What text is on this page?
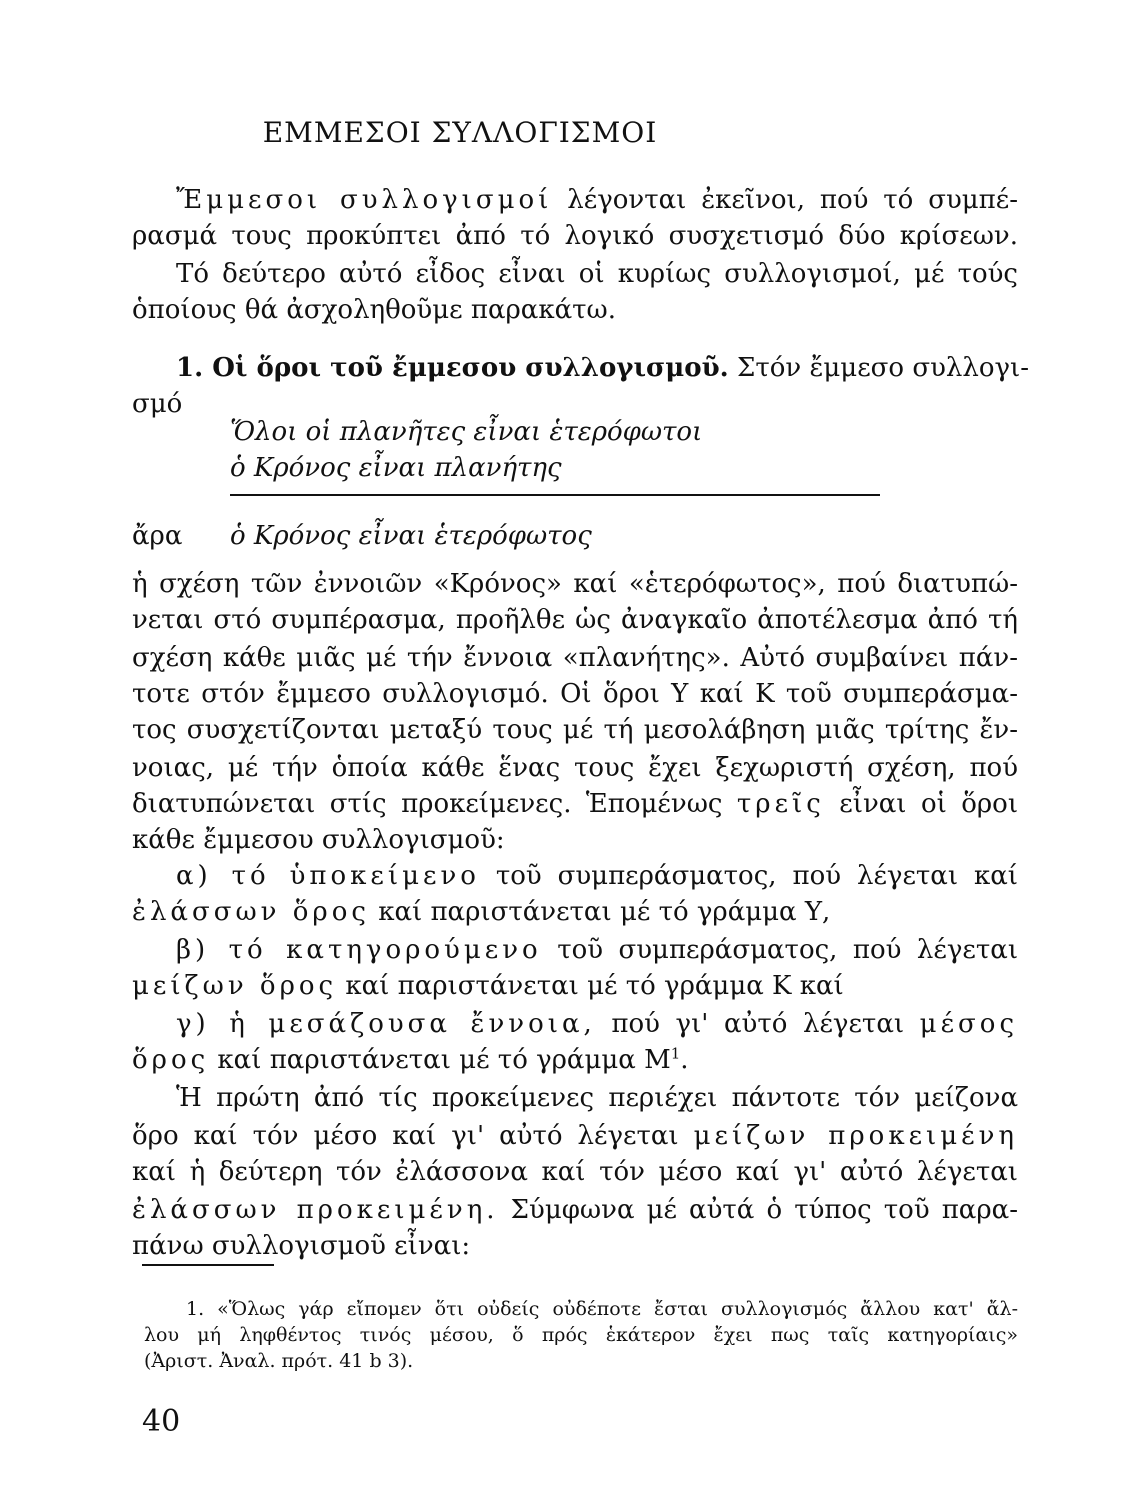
ΕΜΜΕΣΟΙ ΣΥΛΛΟΓΙΣΜΟΙ
Ἔμμεσοι συλλογισμοί λέγονται ἐκεῖνοι, πού τό συμπέ-
ρασμά τους προκύπτει ἀπό τό λογικό συσχετισμό δύο κρίσεων.
Τό δεύτερο αὐτό εἶδος εἶναι οἱ κυρίως συλλογισμοί, μέ τούς
ὁποίους θά ἀσχοληθοῦμε παρακάτω.
1. Οἱ ὅροι τοῦ ἔμμεσου συλλογισμοῦ. Στόν ἔμμεσο συλλογι-
σμό
Ὅλοι οἱ πλανῆτες εἶναι ἑτερόφωτοι
ὁ Κρόνος εἶναι πλανήτης
ἄρα	ὁ Κρόνος εἶναι ἑτερόφωτος
ἡ σχέση τῶν ἐννοιῶν «Κρόνος» καί «ἑτερόφωτος», πού διατυπώ-
νεται στό συμπέρασμα, προῆλθε ὡς ἀναγκαῖο ἀποτέλεσμα ἀπό τή
σχέση κάθε μιᾶς μέ τήν ἔννοια «πλανήτης». Αὐτό συμβαίνει πάν-
τοτε στόν ἔμμεσο συλλογισμό. Οἱ ὅροι Υ καί Κ τοῦ συμπεράσμα-
τος συσχετίζονται μεταξύ τους μέ τή μεσολάβηση μιᾶς τρίτης ἔν-
νοιας, μέ τήν ὁποία κάθε ἕνας τους ἔχει ξεχωριστή σχέση, πού
διατυπώνεται στίς προκείμενες. Ἑπομένως τρεῖς εἶναι οἱ ὅροι
κάθε ἔμμεσου συλλογισμοῦ:
α) τό ὑποκείμενο τοῦ συμπεράσματος, πού λέγεται καί
ἐλάσσων ὅρος καί παριστάνεται μέ τό γράμμα Υ,
β) τό κατηγορούμενο τοῦ συμπεράσματος, πού λέγεται
μείζων ὅρος καί παριστάνεται μέ τό γράμμα Κ καί
γ) ἡ μεσάζουσα ἔννοια, πού γι' αὐτό λέγεται μέσος
ὅρος καί παριστάνεται μέ τό γράμμα $M^1$.
Ἡ πρώτη ἀπό τίς προκείμενες περιέχει πάντοτε τόν μείζονα
ὅρο καί τόν μέσο καί γι' αὐτό λέγεται μείζων προκειμένη
καί ἡ δεύτερη τόν ἐλάσσονα καί τόν μέσο καί γι' αὐτό λέγεται
ἐλάσσων προκειμένη. Σύμφωνα μέ αὐτά ὁ τύπος τοῦ παρα-
πάνω συλλογισμοῦ εἶναι:
1. «Ὅλως γάρ εἴπομεν ὅτι οὐδείς οὐδέποτε ἔσται συλλογισμός ἄλλου κατ' ἄλ-
λου μή ληφθέντος τινός μέσου, ὅ πρός ἑκάτερον ἔχει πως ταῖς κατηγορίαις»
(Ἀριστ. Ἀναλ. πρότ. 41 b 3).
40
